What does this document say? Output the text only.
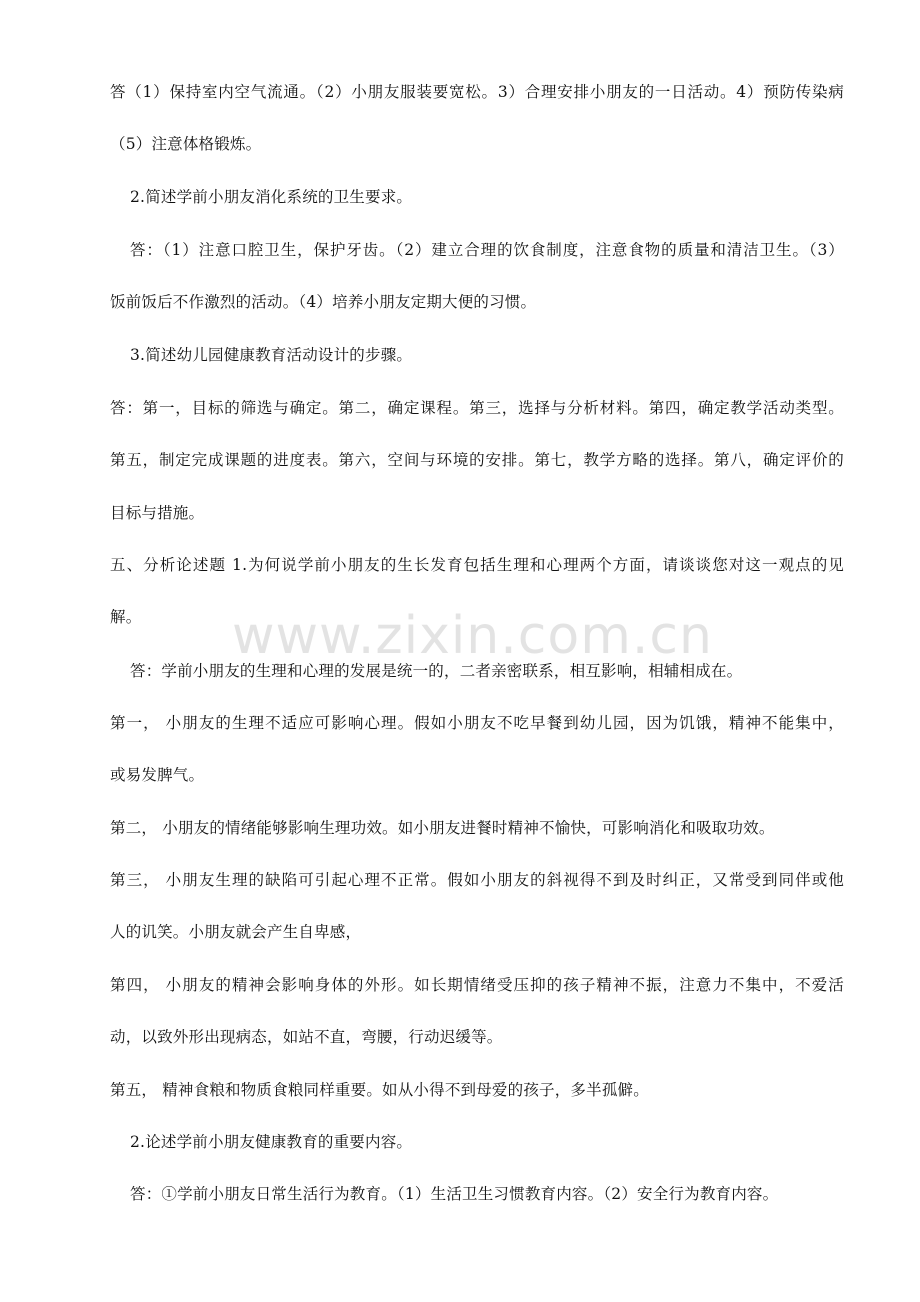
www.zixin.com.cn
答（1）保持室内空气流通。（2）小朋友服装要宽松。3）合理安排小朋友的一日活动。4）预防传染病
（5）注意体格锻炼。
2.简述学前小朋友消化系统的卫生要求。
答：（1）注意口腔卫生，保护牙齿。（2）建立合理的饮食制度，注意食物的质量和清洁卫生。（3）
饭前饭后不作激烈的活动。（4）培养小朋友定期大便的习惯。
3.简述幼儿园健康教育活动设计的步骤。
答：第一，目标的筛选与确定。第二，确定课程。第三，选择与分析材料。第四，确定教学活动类型。
第五，制定完成课题的进度表。第六，空间与环境的安排。第七，教学方略的选择。第八，确定评价的
目标与措施。
五、分析论述题 1.为何说学前小朋友的生长发育包括生理和心理两个方面，请谈谈您对这一观点的见
解。
答：学前小朋友的生理和心理的发展是统一的，二者亲密联系，相互影响，相辅相成在。
第一， 小朋友的生理不适应可影响心理。假如小朋友不吃早餐到幼儿园，因为饥饿，精神不能集中，
或易发脾气。
第二， 小朋友的情绪能够影响生理功效。如小朋友进餐时精神不愉快，可影响消化和吸取功效。
第三， 小朋友生理的缺陷可引起心理不正常。假如小朋友的斜视得不到及时纠正，又常受到同伴或他
人的讥笑。小朋友就会产生自卑感，
第四， 小朋友的精神会影响身体的外形。如长期情绪受压抑的孩子精神不振，注意力不集中，不爱活
动，以致外形出现病态，如站不直，弯腰，行动迟缓等。
第五， 精神食粮和物质食粮同样重要。如从小得不到母爱的孩子，多半孤僻。
2.论述学前小朋友健康教育的重要内容。
答：①学前小朋友日常生活行为教育。（1）生活卫生习惯教育内容。（2）安全行为教育内容。
